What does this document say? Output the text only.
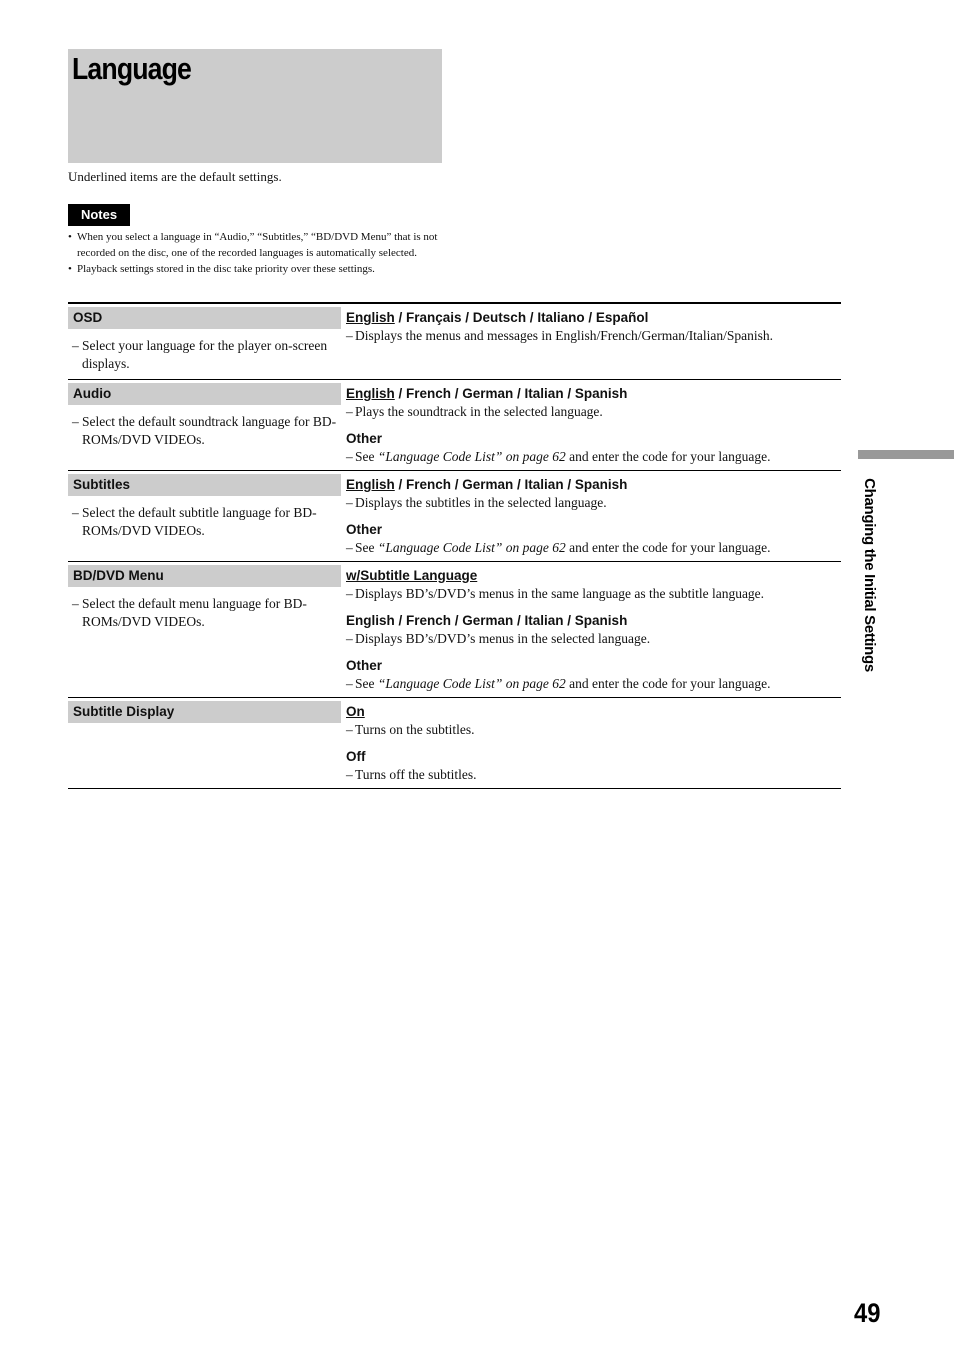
Language
Underlined items are the default settings.
Notes
• When you select a language in “Audio,” “Subtitles,” “BD/DVD Menu” that is not recorded on the disc, one of the recorded languages is automatically selected.
• Playback settings stored in the disc take priority over these settings.
OSD
– Select your language for the player on-screen displays.
English / Français / Deutsch / Italiano / Español
– Displays the menus and messages in English/French/German/Italian/Spanish.
Audio
– Select the default soundtrack language for BD-ROMs/DVD VIDEOs.
English / French / German / Italian / Spanish
– Plays the soundtrack in the selected language.
Other
– See “Language Code List” on page 62 and enter the code for your language.
Subtitles
– Select the default subtitle language for BD-ROMs/DVD VIDEOs.
English / French / German / Italian / Spanish
– Displays the subtitles in the selected language.
Other
– See “Language Code List” on page 62 and enter the code for your language.
BD/DVD Menu
– Select the default menu language for BD-ROMs/DVD VIDEOs.
w/Subtitle Language
– Displays BD’s/DVD’s menus in the same language as the subtitle language.
English / French / German / Italian / Spanish
– Displays BD’s/DVD’s menus in the selected language.
Other
– See “Language Code List” on page 62 and enter the code for your language.
Subtitle Display	On
– Turns on the subtitles.
Off
– Turns off the subtitles.
Changing the Initial Settings
49
